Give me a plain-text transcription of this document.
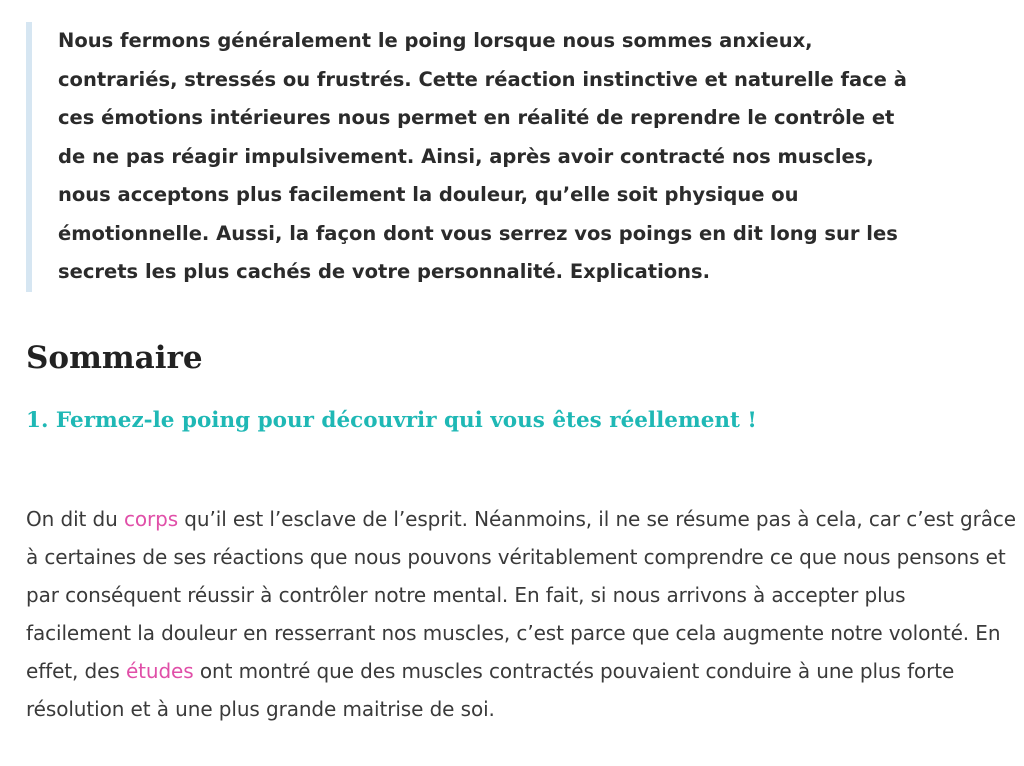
Nous fermons généralement le poing lorsque nous sommes anxieux,
contrariés, stressés ou frustrés. Cette réaction instinctive et naturelle face à
ces émotions intérieures nous permet en réalité de reprendre le contrôle et
de ne pas réagir impulsivement. Ainsi, après avoir contracté nos muscles,
nous acceptons plus facilement la douleur, qu’elle soit physique ou
émotionnelle. Aussi, la façon dont vous serrez vos poings en dit long sur les
secrets les plus cachés de votre personnalité. Explications.

Sommaire
1. Fermez-le poing pour découvrir qui vous êtes réellement !

On dit du corps qu’il est l’esclave de l’esprit. Néanmoins, il ne se résume pas à cela, car c’est grâce à certaines de ses réactions que nous pouvons véritablement comprendre ce que nous pensons et par conséquent réussir à contrôler notre mental. En fait, si nous arrivons à accepter plus facilement la douleur en resserrant nos muscles, c’est parce que cela augmente notre volonté. En effet, des études ont montré que des muscles contractés pouvaient conduire à une plus forte résolution et à une plus grande maitrise de soi.
